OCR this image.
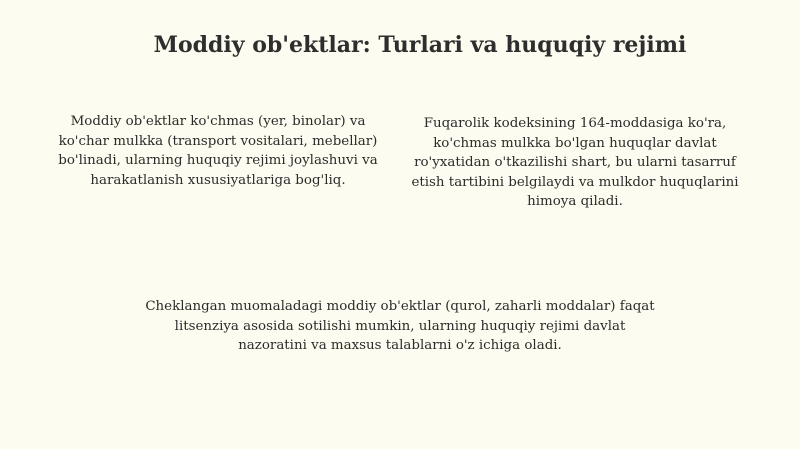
Moddiy ob'ektlar: Turlari va huquqiy rejimi

Moddiy ob'ektlar ko'chmas (yer, binolar) va ko'char mulkka (transport vositalari, mebellar) bo'linadi, ularning huquqiy rejimi joylashuvi va harakatlanish xususiyatlariga bog'liq.

Fuqarolik kodeksining 164-moddasiga ko'ra, ko'chmas mulkka bo'lgan huquqlar davlat ro'yxatidan o'tkazilishi shart, bu ularni tasarruf etish tartibini belgilaydi va mulkdor huquqlarini himoya qiladi.

Cheklangan muomaladagi moddiy ob'ektlar (qurol, zaharli moddalar) faqat litsenziya asosida sotilishi mumkin, ularning huquqiy rejimi davlat nazoratini va maxsus talablarni o'z ichiga oladi.
